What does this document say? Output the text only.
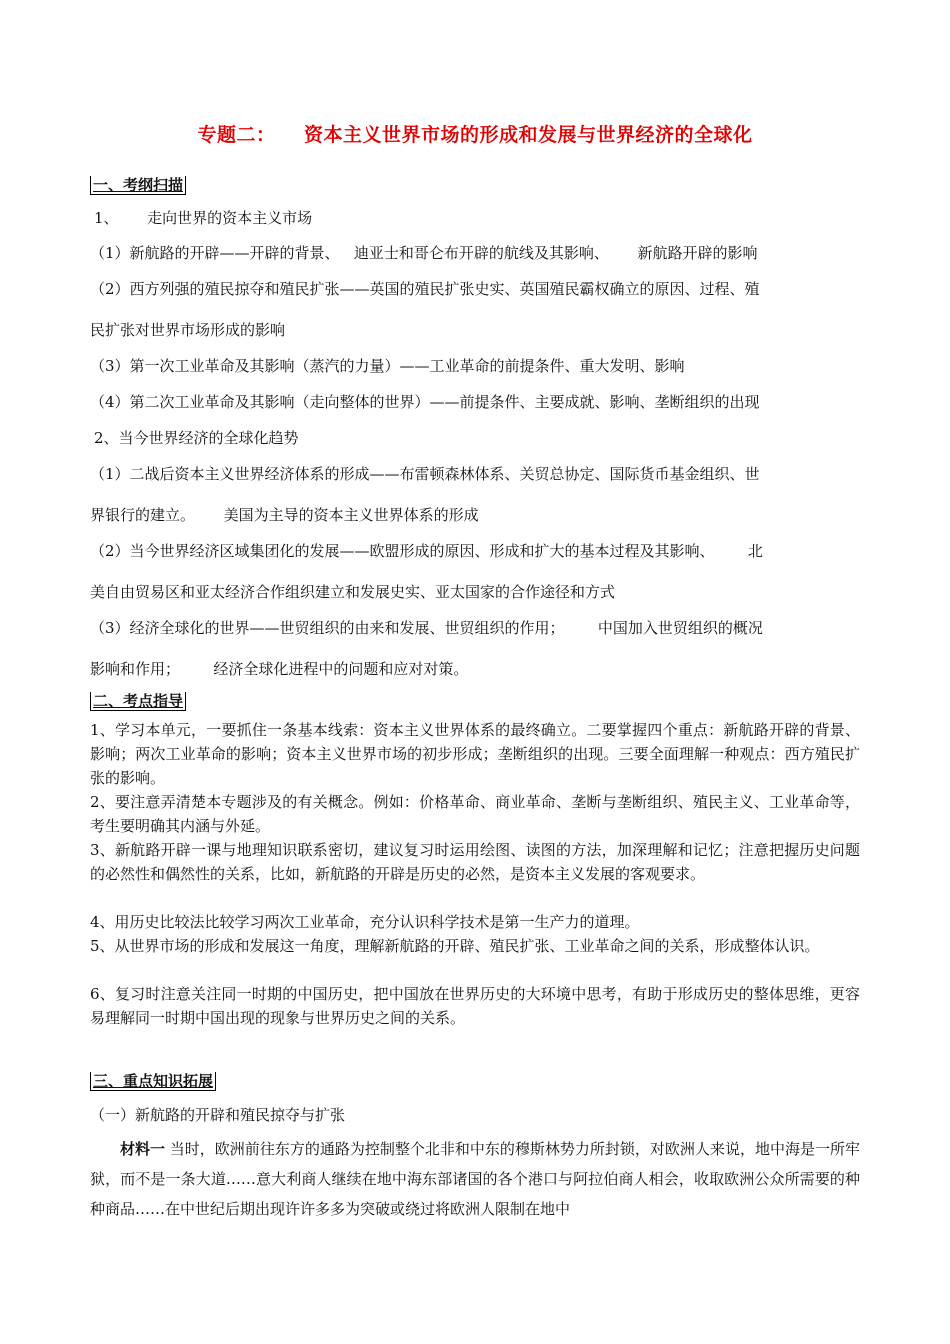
专题二：    资本主义世界市场的形成和发展与世界经济的全球化
一、考纲扫描
1、      走向世界的资本主义市场
（1）新航路的开辟——开辟的背景、   迪亚士和哥仑布开辟的航线及其影响、      新航路开辟的影响
（2）西方列强的殖民掠夺和殖民扩张——英国的殖民扩张史实、英国殖民霸权确立的原因、过程、殖
民扩张对世界市场形成的影响
（3）第一次工业革命及其影响（蒸汽的力量）——工业革命的前提条件、重大发明、影响
（4）第二次工业革命及其影响（走向整体的世界）——前提条件、主要成就、影响、垄断组织的出现
2、当今世界经济的全球化趋势
（1）二战后资本主义世界经济体系的形成——布雷顿森林体系、关贸总协定、国际货币基金组织、世
界银行的建立。      美国为主导的资本主义世界体系的形成
（2）当今世界经济区域集团化的发展——欧盟形成的原因、形成和扩大的基本过程及其影响、       北
美自由贸易区和亚太经济合作组织建立和发展史实、亚太国家的合作途径和方式
（3）经济全球化的世界——世贸组织的由来和发展、世贸组织的作用；       中国加入世贸组织的概况
影响和作用；       经济全球化进程中的问题和应对对策。
二、考点指导
1、学习本单元，一要抓住一条基本线索：资本主义世界体系的最终确立。二要掌握四个重点：新航路开辟的背景、影响；两次工业革命的影响；资本主义世界市场的初步形成；垄断组织的出现。三要全面理解一种观点：西方殖民扩张的影响。
2、要注意弄清楚本专题涉及的有关概念。例如：价格革命、商业革命、垄断与垄断组织、殖民主义、工业革命等，考生要明确其内涵与外延。
3、新航路开辟一课与地理知识联系密切，建议复习时运用绘图、读图的方法，加深理解和记忆；注意把握历史问题的必然性和偶然性的关系，比如，新航路的开辟是历史的必然，是资本主义发展的客观要求。
4、用历史比较法比较学习两次工业革命，充分认识科学技术是第一生产力的道理。
5、从世界市场的形成和发展这一角度，理解新航路的开辟、殖民扩张、工业革命之间的关系，形成整体认识。
6、复习时注意关注同一时期的中国历史，把中国放在世界历史的大环境中思考，有助于形成历史的整体思维，更容易理解同一时期中国出现的现象与世界历史之间的关系。
三、重点知识拓展
（一）新航路的开辟和殖民掠夺与扩张
材料一 当时，欧洲前往东方的通路为控制整个北非和中东的穆斯林势力所封锁，对欧洲人来说，地中海是一所牢狱，而不是一条大道……意大利商人继续在地中海东部诸国的各个港口与阿拉伯商人相会，收取欧洲公众所需要的种种商品……在中世纪后期出现许许多多为突破或绕过将欧洲人限制在地中
